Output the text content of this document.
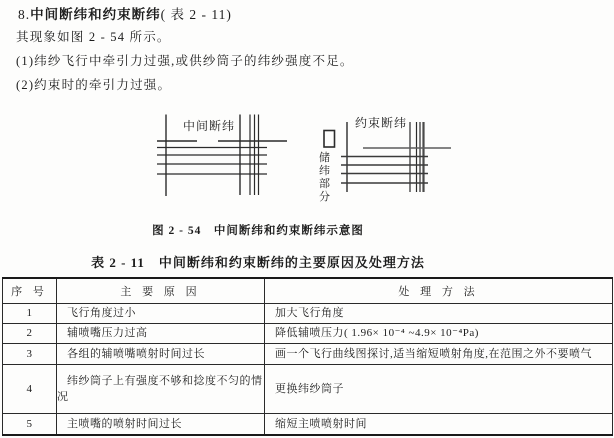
8.中间断纬和约束断纬( 表 2 - 11)
其现象如图 2 - 54 所示。
(1)纬纱飞行中牵引力过强,或供纱筒子的纬纱强度不足。
(2)约束时的牵引力过强。
中间断纬	约束断纬
储纬部分
图 2 - 54　中间断纬和约束断纬示意图
表 2 - 11　中间断纬和约束断纬的主要原因及处理方法
序 号	主 要 原 因	处 理 方 法
1	飞行角度过小	加大飞行角度

2	辅喷嘴压力过高	降低辅喷压力( 1.96× 10⁻⁴ ~4.9× 10⁻⁴Pa)

3	各组的辅喷嘴喷射时间过长	画一个飞行曲线图探讨,适当缩短喷射角度,在范围之外不要喷气

4	纬纱筒子上有强度不够和捻度不匀的情况	更换纬纱筒子

5	主喷嘴的喷射时间过长	缩短主喷喷射时间
